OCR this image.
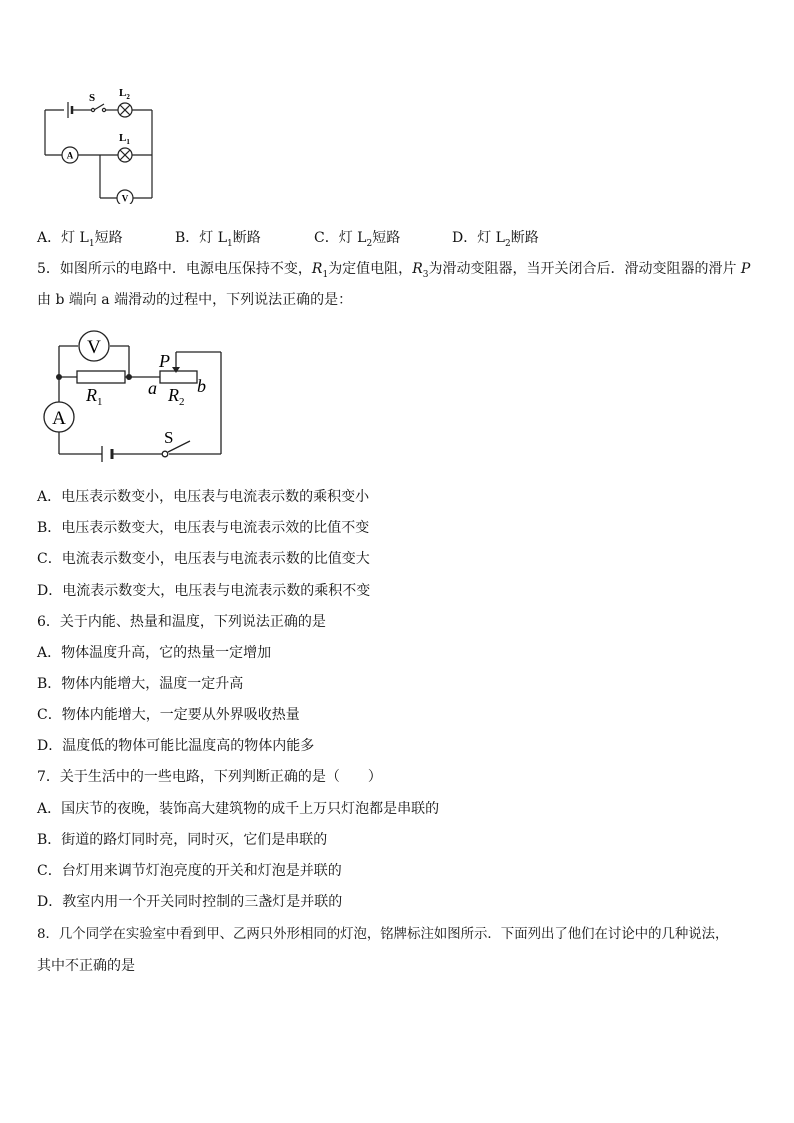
S $L_2$
$L_1$
A
V
A．灯 $L_1$短路	B．灯 $L_1$断路	C．灯 $L_2$短路	D．灯 $L_2$断路
5．如图所示的电路中．电源电压保持不变，$R_1$为定值电阻，$R_3$为滑动变阻器，当开关闭合后．滑动变阻器的滑片 P
由 b 端向 a 端滑动的过程中，下列说法正确的是：
V
A
$R_1$
P
a $R_2$
b
S
A．电压表示数变小，电压表与电流表示数的乘积变小
B．电压表示数变大，电压表与电流表示效的比值不变
C．电流表示数变小，电压表与电流表示数的比值变大
D．电流表示数变大，电压表与电流表示数的乘积不变
6．关于内能、热量和温度，下列说法正确的是
A．物体温度升高，它的热量一定增加
B．物体内能增大，温度一定升高
C．物体内能增大，一定要从外界吸收热量
D．温度低的物体可能比温度高的物体内能多
7．关于生活中的一些电路，下列判断正确的是（　　）
A．国庆节的夜晚，装饰高大建筑物的成千上万只灯泡都是串联的
B．街道的路灯同时亮，同时灭，它们是串联的
C．台灯用来调节灯泡亮度的开关和灯泡是并联的
D．教室内用一个开关同时控制的三盏灯是并联的
8．几个同学在实验室中看到甲、乙两只外形相同的灯泡，铭牌标注如图所示．下面列出了他们在讨论中的几种说法，
其中不正确的是
